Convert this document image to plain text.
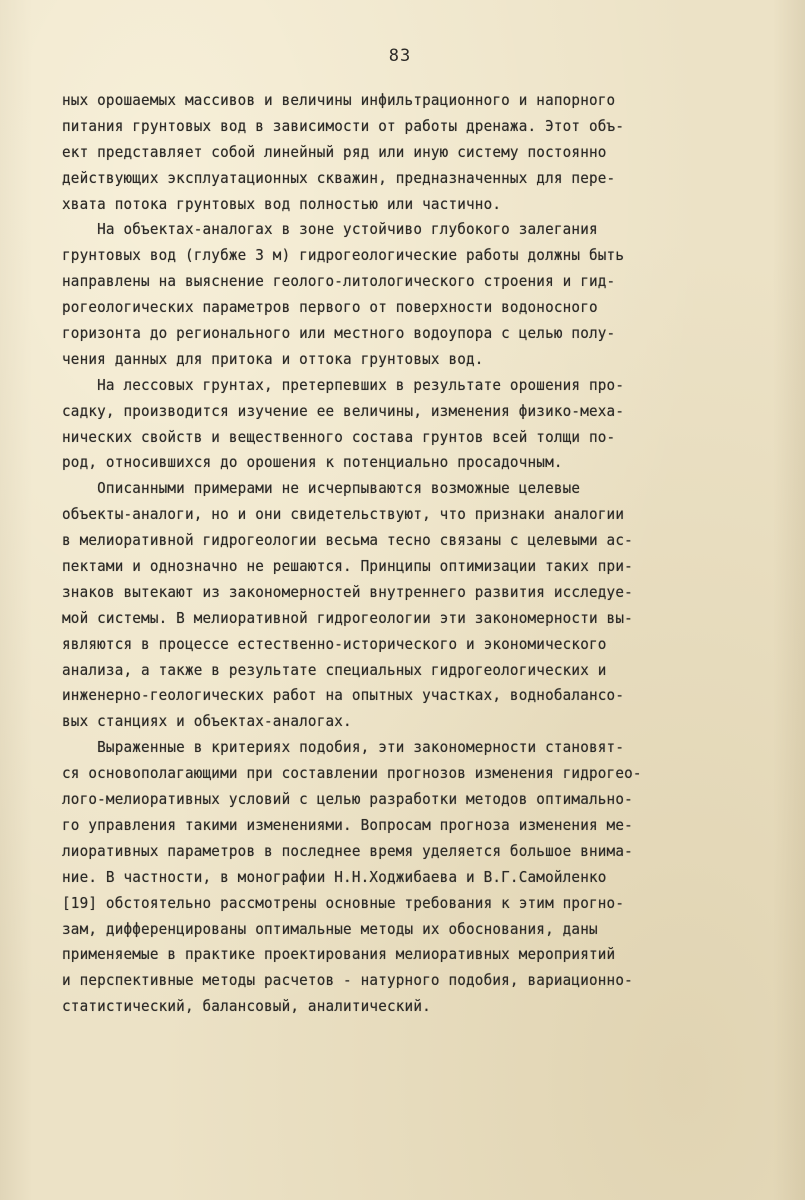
83
ных орошаемых массивов и величины инфильтрационного и напорного
питания грунтовых вод в зависимости от работы дренажа. Этот объ-
ект представляет собой линейный ряд или иную систему постоянно
действующих эксплуатационных скважин, предназначенных для пере-
хвата потока грунтовых вод полностью или частично.
На объектах-аналогах в зоне устойчиво глубокого залегания
грунтовых вод (глубже 3 м) гидрогеологические работы должны быть
направлены на выяснение геолого-литологического строения и гид-
рогеологических параметров первого от поверхности водоносного
горизонта до регионального или местного водоупора с целью полу-
чения данных для притока и оттока грунтовых вод.
На лессовых грунтах, претерпевших в результате орошения про-
садку, производится изучение ее величины, изменения физико-меха-
нических свойств и вещественного состава грунтов всей толщи по-
род, относившихся до орошения к потенциально просадочным.
Описанными примерами не исчерпываются возможные целевые
объекты-аналоги, но и они свидетельствуют, что признаки аналогии
в мелиоративной гидрогеологии весьма тесно связаны с целевыми ас-
пектами и однозначно не решаются. Принципы оптимизации таких при-
знаков вытекают из закономерностей внутреннего развития исследуе-
мой системы. В мелиоративной гидрогеологии эти закономерности вы-
являются в процессе естественно-исторического и экономического
анализа, а также в результате специальных гидрогеологических и
инженерно-геологических работ на опытных участках, воднобалансо-
вых станциях и объектах-аналогах.
Выраженные в критериях подобия, эти закономерности становят-
ся основополагающими при составлении прогнозов изменения гидрогео-
лого-мелиоративных условий с целью разработки методов оптимально-
го управления такими изменениями. Вопросам прогноза изменения ме-
лиоративных параметров в последнее время уделяется большое внима-
ние. В частности, в монографии Н.Н.Ходжибаева и В.Г.Самойленко
[19] обстоятельно рассмотрены основные требования к этим прогно-
зам, дифференцированы оптимальные методы их обоснования, даны
применяемые в практике проектирования мелиоративных мероприятий
и перспективные методы расчетов - натурного подобия, вариационно-
статистический, балансовый, аналитический.
